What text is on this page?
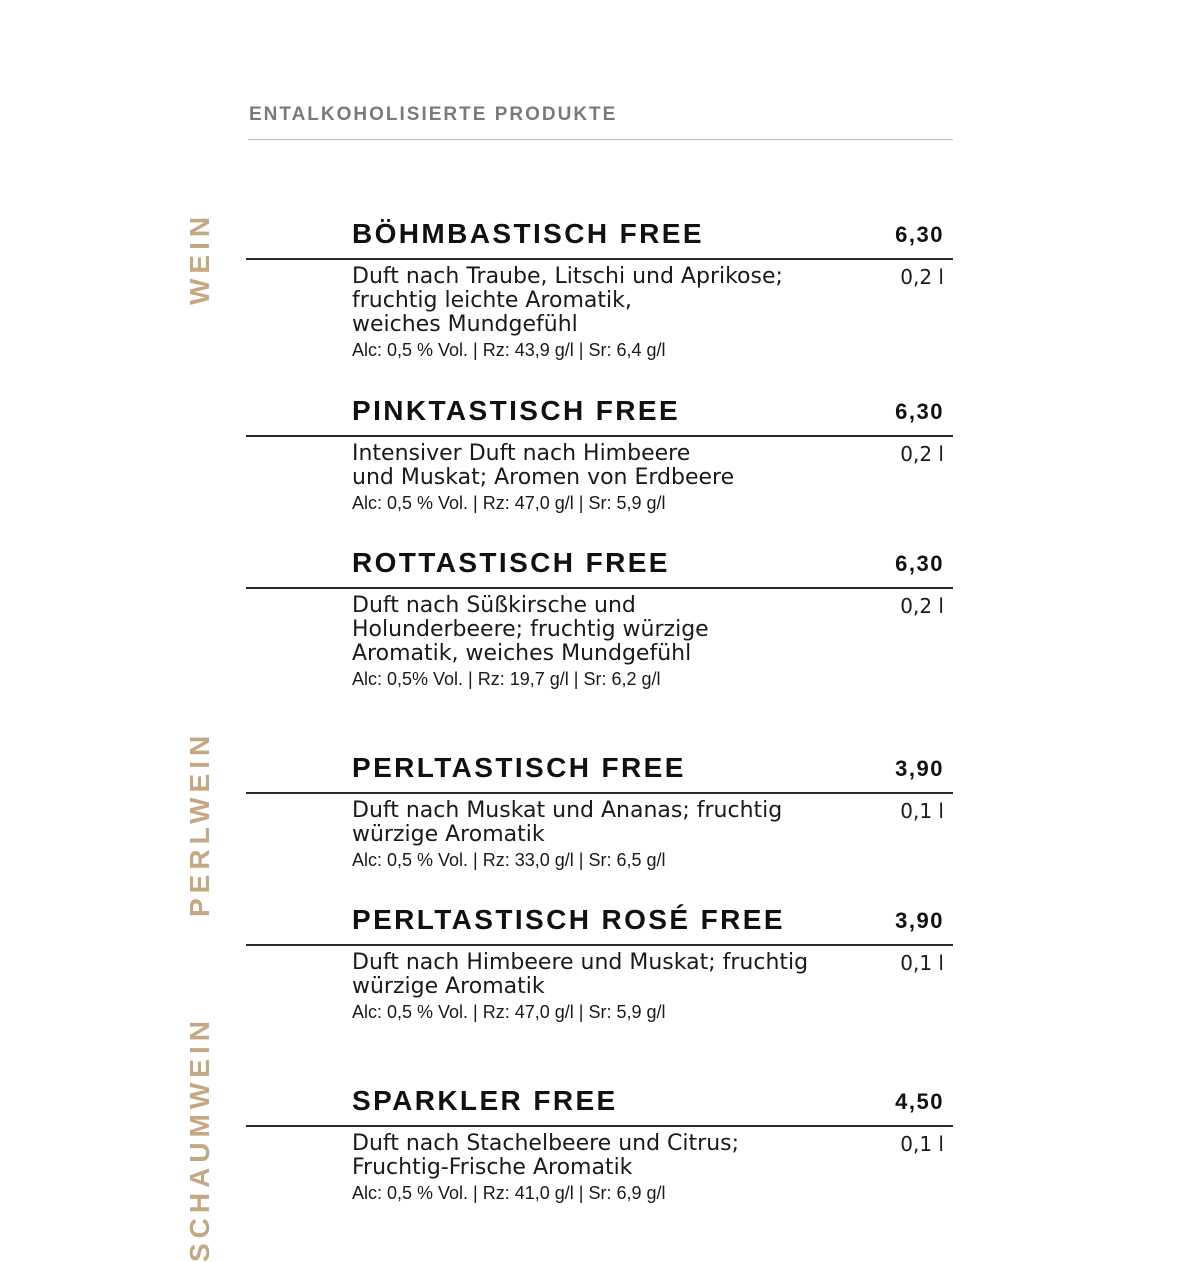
ENTALKOHOLISIERTE PRODUKTE
WEIN
PERLWEIN
SCHAUMWEIN
BÖHMBASTISCH FREE	6,30
Duft nach Traube, Litschi und Aprikose;
fruchtig leichte Aromatik,
weiches Mundgefühl
Alc: 0,5 % Vol. | Rz: 43,9 g/l | Sr: 6,4 g/l
0,2 l
PINKTASTISCH FREE	6,30
Intensiver Duft nach Himbeere
und Muskat; Aromen von Erdbeere
Alc: 0,5 % Vol. | Rz: 47,0 g/l | Sr: 5,9 g/l
0,2 l
ROTTASTISCH FREE	6,30
Duft nach Süßkirsche und
Holunderbeere; fruchtig würzige
Aromatik, weiches Mundgefühl
Alc: 0,5% Vol. | Rz: 19,7 g/l | Sr: 6,2 g/l
0,2 l
PERLTASTISCH FREE	3,90
Duft nach Muskat und Ananas; fruchtig
würzige Aromatik
Alc: 0,5 % Vol. | Rz: 33,0 g/l | Sr: 6,5 g/l
0,1 l
PERLTASTISCH ROSÉ FREE	3,90
Duft nach Himbeere und Muskat; fruchtig
würzige Aromatik
Alc: 0,5 % Vol. | Rz: 47,0 g/l | Sr: 5,9 g/l
0,1 l
SPARKLER FREE	4,50
Duft nach Stachelbeere und Citrus;
Fruchtig-Frische Aromatik
Alc: 0,5 % Vol. | Rz: 41,0 g/l | Sr: 6,9 g/l
0,1 l
